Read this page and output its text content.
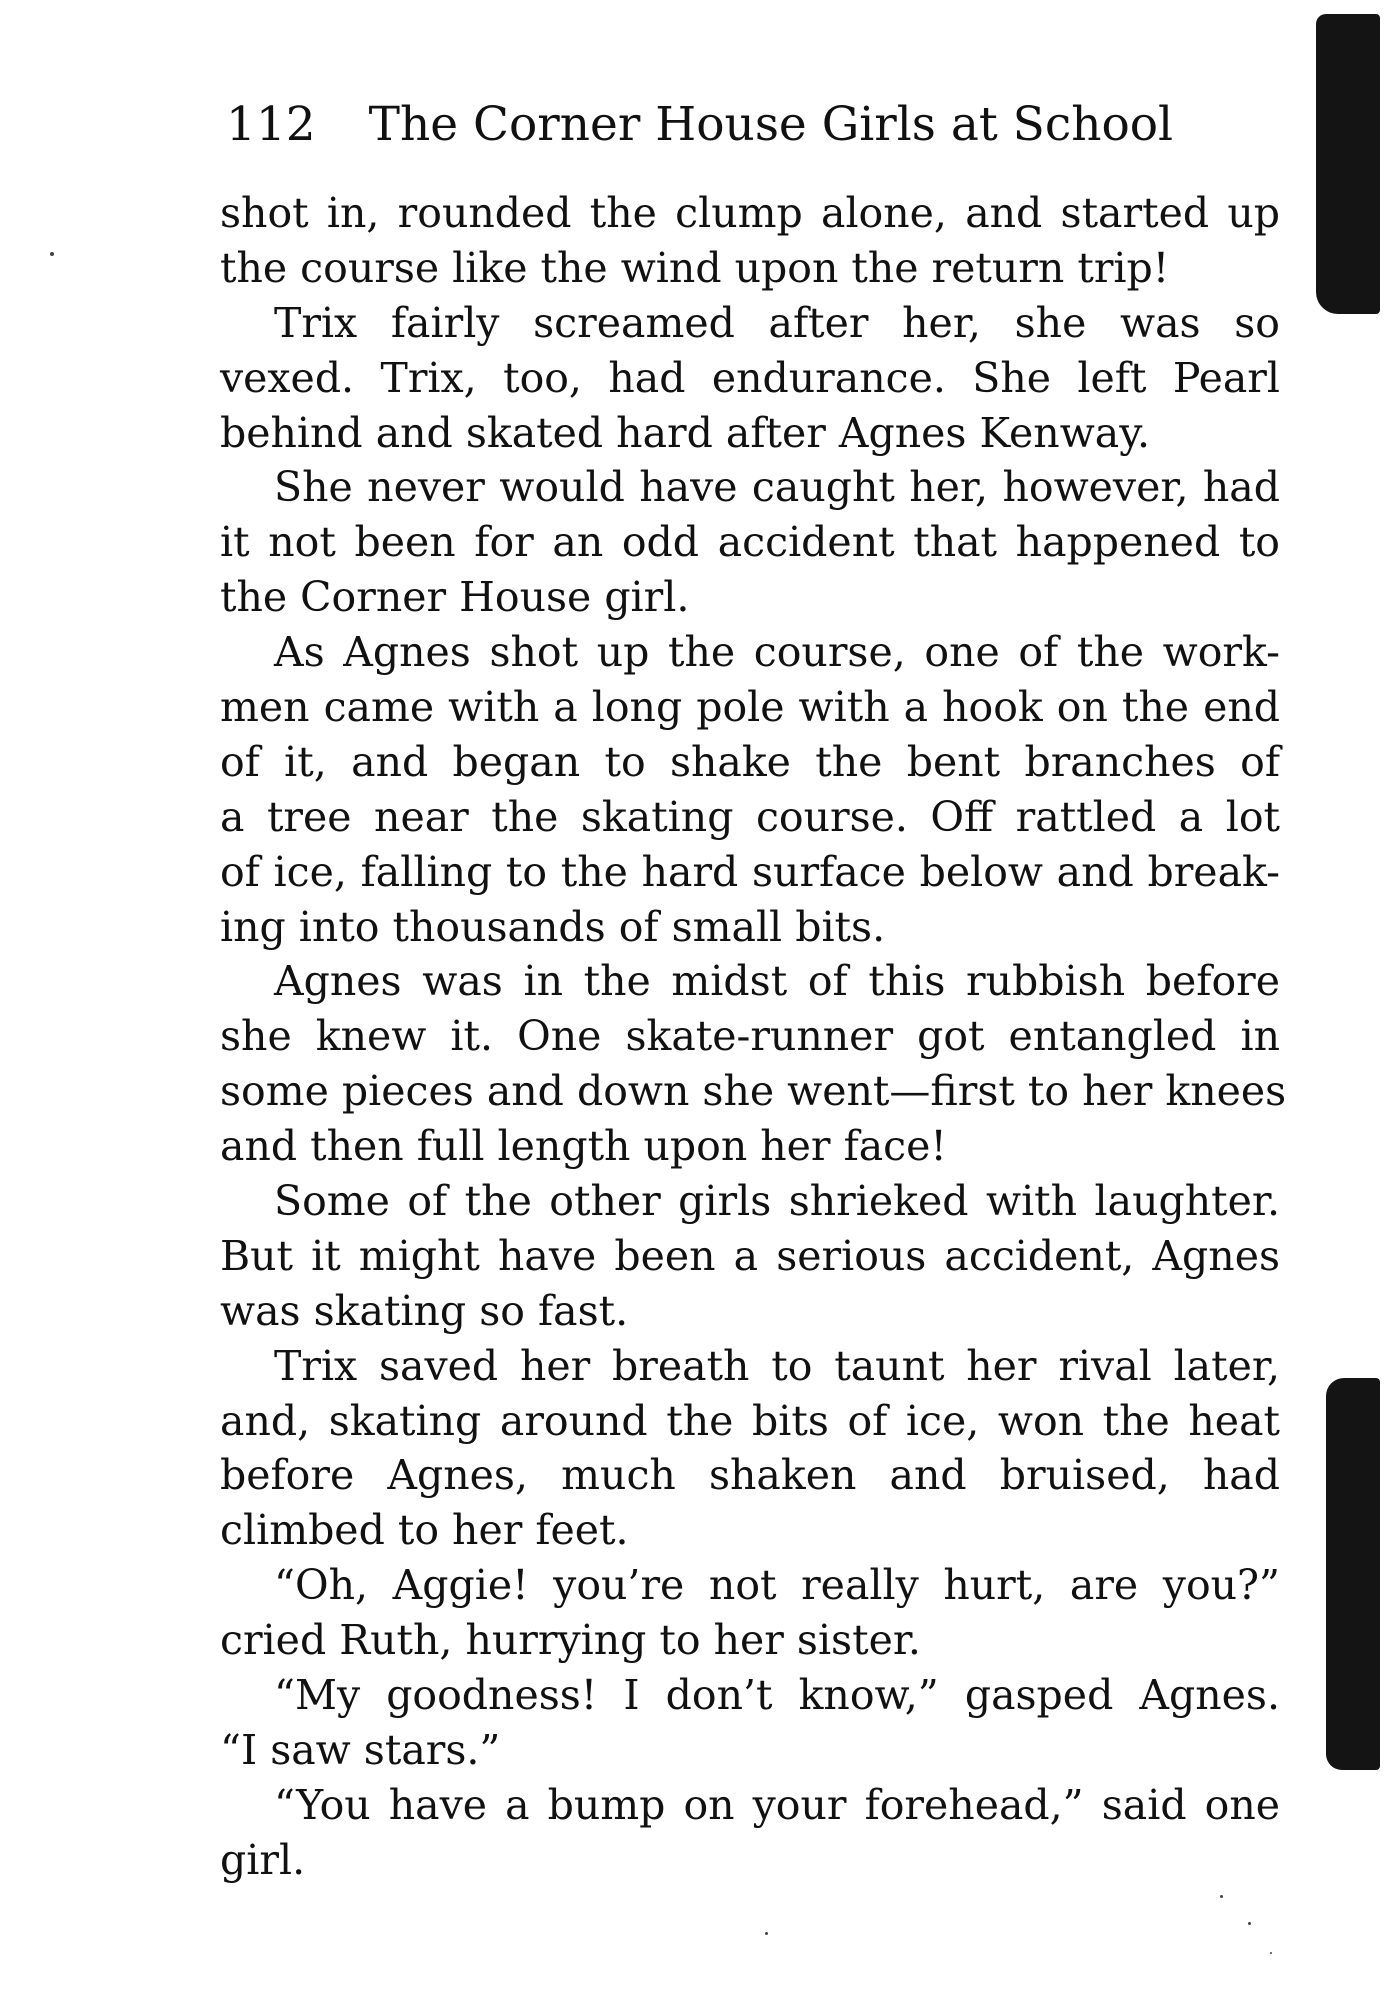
112 The Corner House Girls at School
shot in, rounded the clump alone, and started up
the course like the wind upon the return trip!
Trix fairly screamed after her, she was so
vexed. Trix, too, had endurance. She left Pearl
behind and skated hard after Agnes Kenway.
She never would have caught her, however, had
it not been for an odd accident that happened to
the Corner House girl.
As Agnes shot up the course, one of the work-
men came with a long pole with a hook on the end
of it, and began to shake the bent branches of
a tree near the skating course. Off rattled a lot
of ice, falling to the hard surface below and break-
ing into thousands of small bits.
Agnes was in the midst of this rubbish before
she knew it. One skate-runner got entangled in
some pieces and down she went—first to her knees
and then full length upon her face!
Some of the other girls shrieked with laughter.
But it might have been a serious accident, Agnes
was skating so fast.
Trix saved her breath to taunt her rival later,
and, skating around the bits of ice, won the heat
before Agnes, much shaken and bruised, had
climbed to her feet.
“Oh, Aggie! you’re not really hurt, are you?”
cried Ruth, hurrying to her sister.
“My goodness! I don’t know,” gasped Agnes.
“I saw stars.”
“You have a bump on your forehead,” said one
girl.
